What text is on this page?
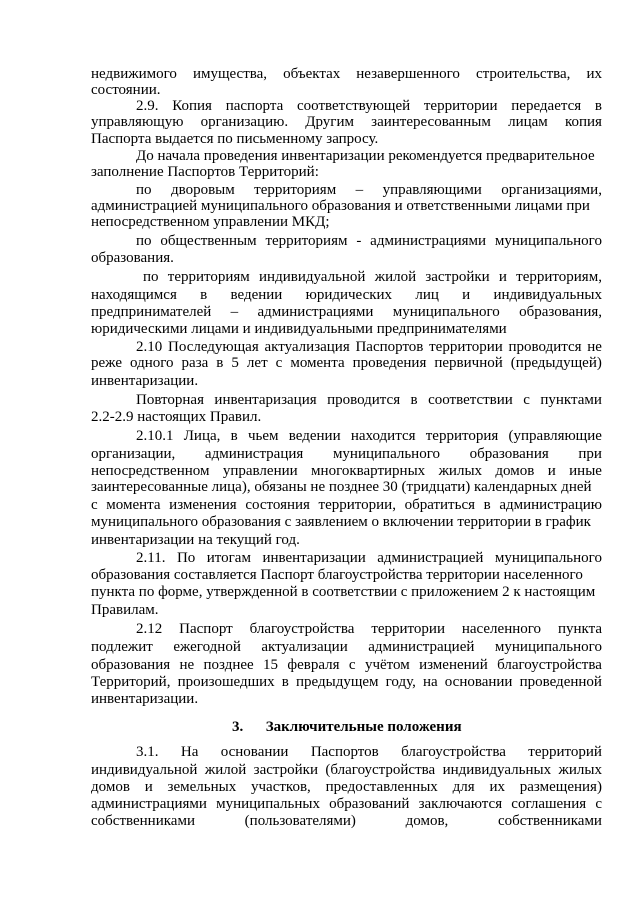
недвижимого имущества, объектах незавершенного строительства, их
состоянии.
2.9. Копия паспорта соответствующей территории передается в
управляющую организацию. Другим заинтересованным лицам копия
Паспорта выдается по письменному запросу.
До начала проведения инвентаризации рекомендуется предварительное
заполнение Паспортов Территорий:
по дворовым территориям – управляющими организациями,
администрацией муниципального образования и ответственными лицами при
непосредственном управлении МКД;
по общественным территориям - администрациями муниципального
образования.
по территориям индивидуальной жилой застройки и территориям,
находящимся в ведении юридических лиц и индивидуальных
предпринимателей – администрациями муниципального образования,
юридическими лицами и индивидуальными предпринимателями
2.10 Последующая актуализация Паспортов территории проводится не
реже одного раза в 5 лет с момента проведения первичной (предыдущей)
инвентаризации.
Повторная инвентаризация проводится в соответствии с пунктами
2.2-2.9 настоящих Правил.
2.10.1 Лица, в чьем ведении находится территория (управляющие
организации, администрация муниципального образования при
непосредственном управлении многоквартирных жилых домов и иные
заинтересованные лица), обязаны не позднее 30 (тридцати) календарных дней
с момента изменения состояния территории, обратиться в администрацию
муниципального образования с заявлением о включении территории в график
инвентаризации на текущий год.
2.11. По итогам инвентаризации администрацией муниципального
образования составляется Паспорт благоустройства территории населенного
пункта по форме, утвержденной в соответствии с приложением 2 к настоящим
Правилам.
2.12 Паспорт благоустройства территории населенного пункта
подлежит ежегодной актуализации администрацией муниципального
образования не позднее 15 февраля с учётом изменений благоустройства
Территорий, произошедших в предыдущем году, на основании проведенной
инвентаризации.
3.      Заключительные положения
3.1. На основании Паспортов благоустройства территорий
индивидуальной жилой застройки (благоустройства индивидуальных жилых
домов и земельных участков, предоставленных для их размещения)
администрациями муниципальных образований заключаются соглашения с
собственниками	(пользователями)	домов,	собственниками
